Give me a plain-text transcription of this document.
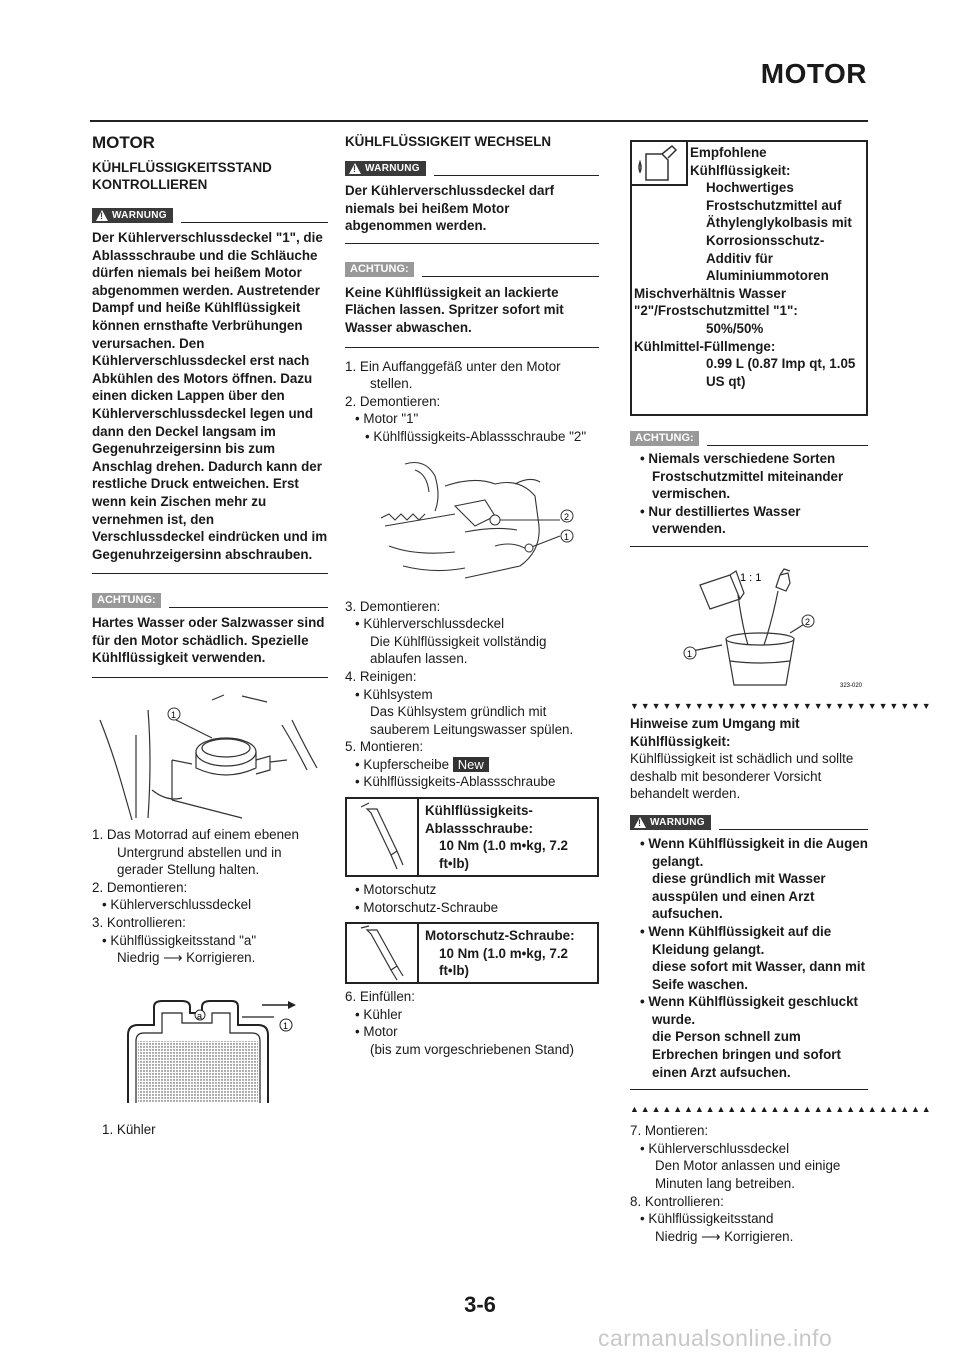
MOTOR
MOTOR
KÜHLFLÜSSIGKEITSSTAND KONTROLLIEREN
!
WARNUNG
Der Kühlerverschlussdeckel "1", die Ablassschraube und die Schläuche dürfen niemals bei heißem Motor abgenommen werden. Austretender Dampf und heiße Kühlflüssigkeit können ernsthafte Verbrühungen verursachen. Den Kühlerverschlussdeckel erst nach Abkühlen des Motors öffnen. Dazu einen dicken Lappen über den Kühlerverschlussdeckel legen und dann den Deckel langsam im Gegenuhrzeigersinn bis zum Anschlag drehen. Dadurch kann der restliche Druck entweichen. Erst wenn kein Zischen mehr zu vernehmen ist, den Verschlussdeckel eindrücken und im Gegenuhrzeigersinn abschrauben.
ACHTUNG:
Hartes Wasser oder Salzwasser sind für den Motor schädlich. Spezielle Kühlflüssigkeit verwenden.
1
1. Das Motorrad auf einem ebenen Untergrund abstellen und in gerader Stellung halten.
2. Demontieren:
• Kühlerverschlussdeckel
3. Kontrollieren:
• Kühlflüssigkeitsstand "a"
Niedrig ⟶ Korrigieren.
a
1
1. Kühler
KÜHLFLÜSSIGKEIT WECHSELN
!
WARNUNG
Der Kühlerverschlussdeckel darf niemals bei heißem Motor abgenommen werden.
ACHTUNG:
Keine Kühlflüssigkeit an lackierte Flächen lassen. Spritzer sofort mit Wasser abwaschen.
1. Ein Auffanggefäß unter den Motor stellen.
2. Demontieren:
• Motor "1"
• Kühlflüssigkeits-Ablassschraube "2"
2
1
3. Demontieren:
• Kühlerverschlussdeckel
Die Kühlflüssigkeit vollständig ablaufen lassen.
4. Reinigen:
• Kühlsystem
Das Kühlsystem gründlich mit sauberem Leitungswasser spülen.
5. Montieren:
• Kupferscheibe New
• Kühlflüssigkeits-Ablassschraube
Kühlflüssigkeits-Ablassschraube:
10 Nm (1.0 m•kg, 7.2 ft•lb)
• Motorschutz
• Motorschutz-Schraube
Motorschutz-Schraube:
10 Nm (1.0 m•kg, 7.2 ft•lb)
6. Einfüllen:
• Kühler
• Motor
(bis zum vorgeschriebenen Stand)
Empfohlene Kühlflüssigkeit:
Hochwertiges Frostschutzmittel auf Äthylenglykolbasis mit Korrosionsschutz-Additiv für Aluminiummotoren
Mischverhältnis Wasser "2"/Frostschutzmittel "1":
50%/50%
Kühlmittel-Füllmenge:
0.99 L (0.87 Imp qt, 1.05 US qt)
ACHTUNG:
• Niemals verschiedene Sorten Frostschutzmittel miteinander vermischen.
• Nur destilliertes Wasser verwenden.
1 : 1
1
2
323-020
▼▼▼▼▼▼▼▼▼▼▼▼▼▼▼▼▼▼▼▼▼▼▼▼▼▼▼▼
Hinweise zum Umgang mit Kühlflüssigkeit:
Kühlflüssigkeit ist schädlich und sollte deshalb mit besonderer Vorsicht behandelt werden.
!
WARNUNG
• Wenn Kühlflüssigkeit in die Augen gelangt.
diese gründlich mit Wasser ausspülen und einen Arzt aufsuchen.
• Wenn Kühlflüssigkeit auf die Kleidung gelangt.
diese sofort mit Wasser, dann mit Seife waschen.
• Wenn Kühlflüssigkeit geschluckt wurde.
die Person schnell zum Erbrechen bringen und sofort einen Arzt aufsuchen.
▲▲▲▲▲▲▲▲▲▲▲▲▲▲▲▲▲▲▲▲▲▲▲▲▲▲▲▲
7. Montieren:
• Kühlerverschlussdeckel
Den Motor anlassen und einige Minuten lang betreiben.
8. Kontrollieren:
• Kühlflüssigkeitsstand
Niedrig ⟶ Korrigieren.
3-6
carmanualsonline.info
